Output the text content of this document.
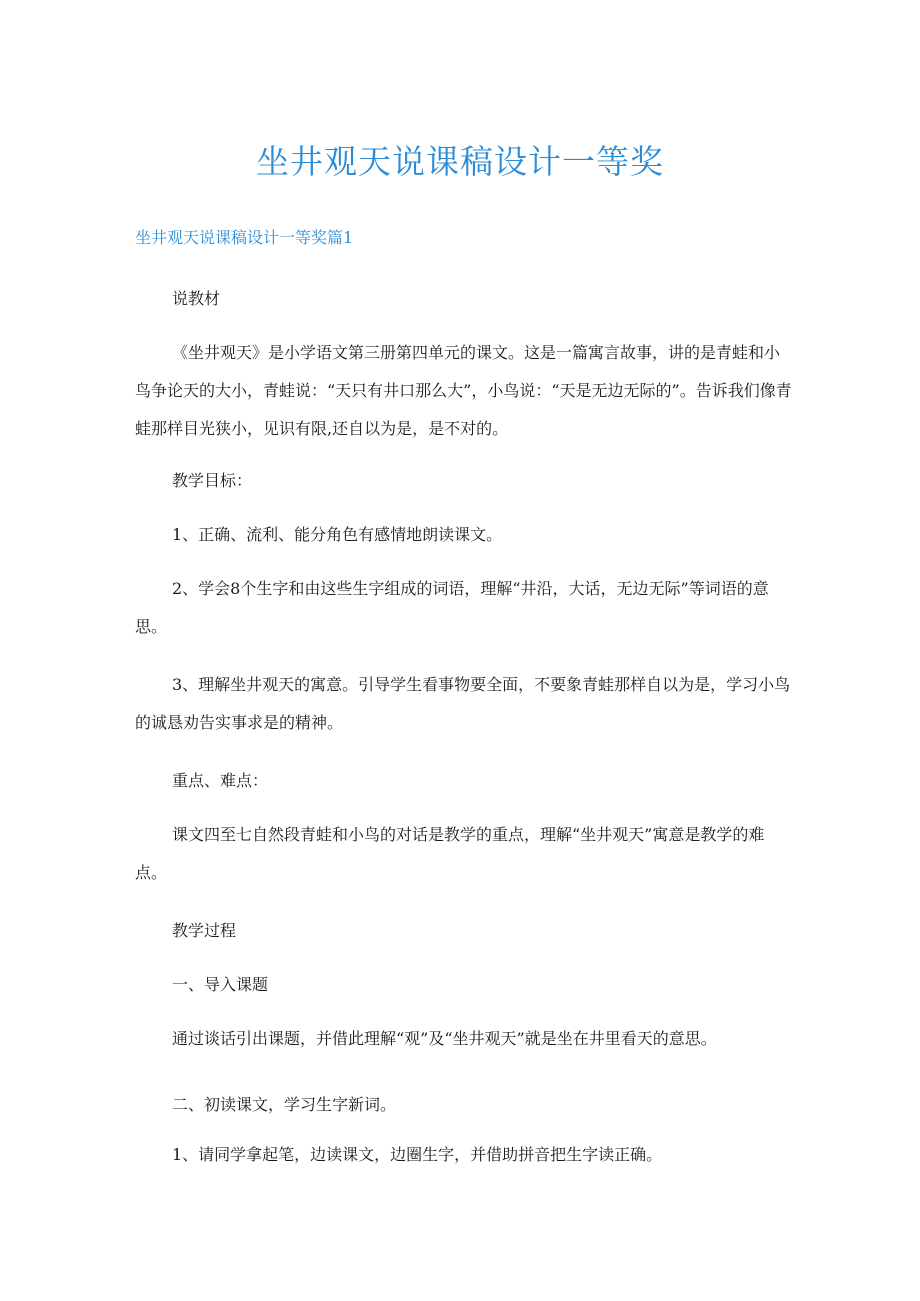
坐井观天说课稿设计一等奖

坐井观天说课稿设计一等奖篇1

说教材

《坐井观天》是小学语文第三册第四单元的课文。这是一篇寓言故事，讲的是青蛙和小鸟争论天的大小，青蛙说：“天只有井口那么大”，小鸟说：“天是无边无际的”。告诉我们像青蛙那样目光狭小，见识有限,还自以为是，是不对的。

教学目标：

1、正确、流利、能分角色有感情地朗读课文。

2、学会8个生字和由这些生字组成的词语，理解“井沿，大话，无边无际”等词语的意思。

3、理解坐井观天的寓意。引导学生看事物要全面，不要象青蛙那样自以为是，学习小鸟的诚恳劝告实事求是的精神。

重点、难点：

课文四至七自然段青蛙和小鸟的对话是教学的重点，理解“坐井观天”寓意是教学的难点。

教学过程

一、导入课题

通过谈话引出课题，并借此理解“观”及“坐井观天”就是坐在井里看天的意思。

二、初读课文，学习生字新词。

1、请同学拿起笔，边读课文，边圈生字，并借助拼音把生字读正确。
